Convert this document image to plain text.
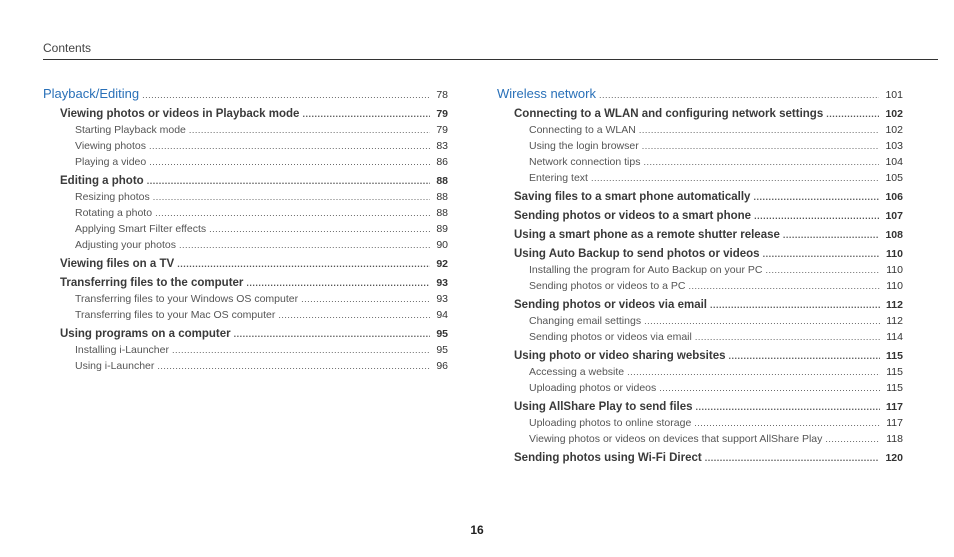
Contents
Playback/Editing .....	78
Viewing photos or videos in Playback mode .....	79
Starting Playback mode .....	79
Viewing photos .....	83
Playing a video .....	86
Editing a photo .....	88
Resizing photos .....	88
Rotating a photo .....	88
Applying Smart Filter effects .....	89
Adjusting your photos .....	90
Viewing files on a TV .....	92
Transferring files to the computer .....	93
Transferring files to your Windows OS computer .....	93
Transferring files to your Mac OS computer .....	94
Using programs on a computer .....	95
Installing i-Launcher .....	95
Using i-Launcher .....	96
Wireless network .....	101
Connecting to a WLAN and configuring network settings .....	102
Connecting to a WLAN .....	102
Using the login browser .....	103
Network connection tips .....	104
Entering text .....	105
Saving files to a smart phone automatically .....	106
Sending photos or videos to a smart phone .....	107
Using a smart phone as a remote shutter release .....	108
Using Auto Backup to send photos or videos .....	110
Installing the program for Auto Backup on your PC .....	110
Sending photos or videos to a PC .....	110
Sending photos or videos via email .....	112
Changing email settings .....	112
Sending photos or videos via email .....	114
Using photo or video sharing websites .....	115
Accessing a website .....	115
Uploading photos or videos .....	115
Using AllShare Play to send files .....	117
Uploading photos to online storage .....	117
Viewing photos or videos on devices that support AllShare Play .....	118
Sending photos using Wi-Fi Direct .....	120
16
